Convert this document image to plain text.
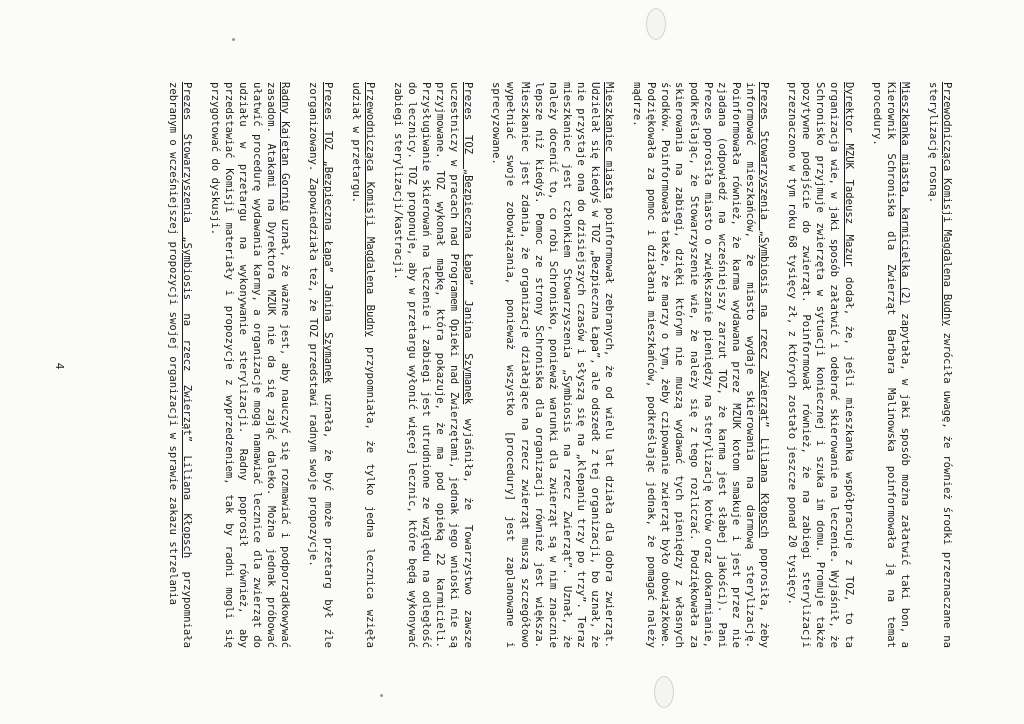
Przewodnicząca Komisji Magdalena Budny zwróciła uwagę, że również środki przeznaczane na sterylizację rosną.

Mieszkanka miasta, karmicielka (2) zapytała, w jaki sposób można załatwić taki bon, a Kierownik Schroniska dla Zwierząt Barbara Malinowska poinformowała ją na temat procedury.

Dyrektor MZUK Tadeusz Mazur dodał, że, jeśli mieszkanka współpracuje z TOZ, to ta organizacja wie, w jaki sposób załatwić i odebrać skierowanie na leczenie. Wyjaśnił, że Schronisko przyjmuje zwierzęta w sytuacji koniecznej i szuka im domu. Promuje także pozytywne podejście do zwierząt. Poinformował również, że na zabiegi sterylizacji przeznaczono w tym roku 68 tysięcy zł, z których zostało jeszcze ponad 20 tysięcy.

Prezes Stowarzyszenia „Symbiosis na rzecz Zwierząt” Liliana Kłopsch poprosiła, żeby informować mieszkańców, że miasto wydaje skierowania na darmową sterylizację. Poinformowała również, że karma wydawana przez MZUK kotom smakuje i jest przez nie zjadana (odpowiedź na wcześniejszy zarzut TOZ, że karma jest słabej jakości). Pani Prezes poprosiła miasto o zwiększanie pieniędzy na sterylizację kotów oraz dokarmianie, podkreślając, że Stowarzyszenie wie, że należy się z tego rozliczać. Podziękowała za skierowania na zabiegi, dzięki którym nie muszą wydawać tych pieniędzy z własnych środków. Poinformowała także, że marzy o tym, żeby czipowanie zwierząt było obowiązkowe. Podziękowała za pomoc i działania mieszkańców, podkreślając jednak, że pomagać należy mądrze.

Mieszkaniec miasta poinformował zebranych, że od wielu lat działa dla dobra zwierząt. Udzielał się kiedyś w TOZ „Bezpieczna Łapa”, ale odszedł z tej organizacji, bo uznał, że nie przystaje ona do dzisiejszych czasów i słyszą się na „klepaniu trzy po trzy”. Teraz mieszkaniec jest członkiem Stowarzyszenia „Symbiosis na rzecz Zwierząt”. Uznał, że należy docenić to, co robi Schronisko, ponieważ warunki dla zwierząt są w nim znacznie lepsze niż kiedyś. Pomoc ze strony Schroniska dla organizacji również jest większa. Mieszkaniec jest zdania, że organizacje działające na rzecz zwierząt muszą szczegółowo wypełniać swoje zobowiązania, ponieważ wszystko [procedury] jest zaplanowane i sprecyzowane.

Prezes TOZ „Bezpieczna Łapa” Janina Szymanek wyjaśniła, że Towarzystwo zawsze uczestniczy w pracach nad Programem Opieki nad Zwierzętami, jednak jego wnioski nie są przyjmowane. TOZ wykonał mapkę, która pokazuje, że ma pod opieką 22 karmicieli. Przysługiwanie skierowań na leczenie i zabiegi jest utrudnione ze względu na odległość do lecznicy. TOZ proponuje, aby w przetargu wyłonić więcej lecznic, które będą wykonywać zabiegi sterylizacji/kastracji.

Przewodnicząca Komisji Magdalena Budny przypomniała, że tylko jedna lecznica wzięła udział w przetargu.

Prezes TOZ „Bezpieczna Łapa” Janina Szymanek uznała, że być może przetarg był źle zorganizowany. Zapowiedziała też, że TOZ przedstawi radnym swoje propozycje.

Radny Kajetan Gornig uznał, że ważne jest, aby nauczyć się rozmawiać i podporządkowywać zasadom. Atakami na Dyrektora MZUK nie da się zająć daleko. Można jednak próbować ułatwić procedurę wydawania karmy, a organizacje mogą namawiać lecznice dla zwierząt do udziału w przetargu na wykonywanie sterylizacji. Radny poprosił również, aby przedstawiać Komisji materiały i propozycje z wyprzedzeniem, tak by radni mogli się przygotować do dyskusji.

Prezes Stowarzyszenia „Symbiosis na rzecz Zwierząt” Liliana Kłopsch przypomniała zebranym o wcześniejszej propozycji swojej organizacji w sprawie zakazu strzelania

4
